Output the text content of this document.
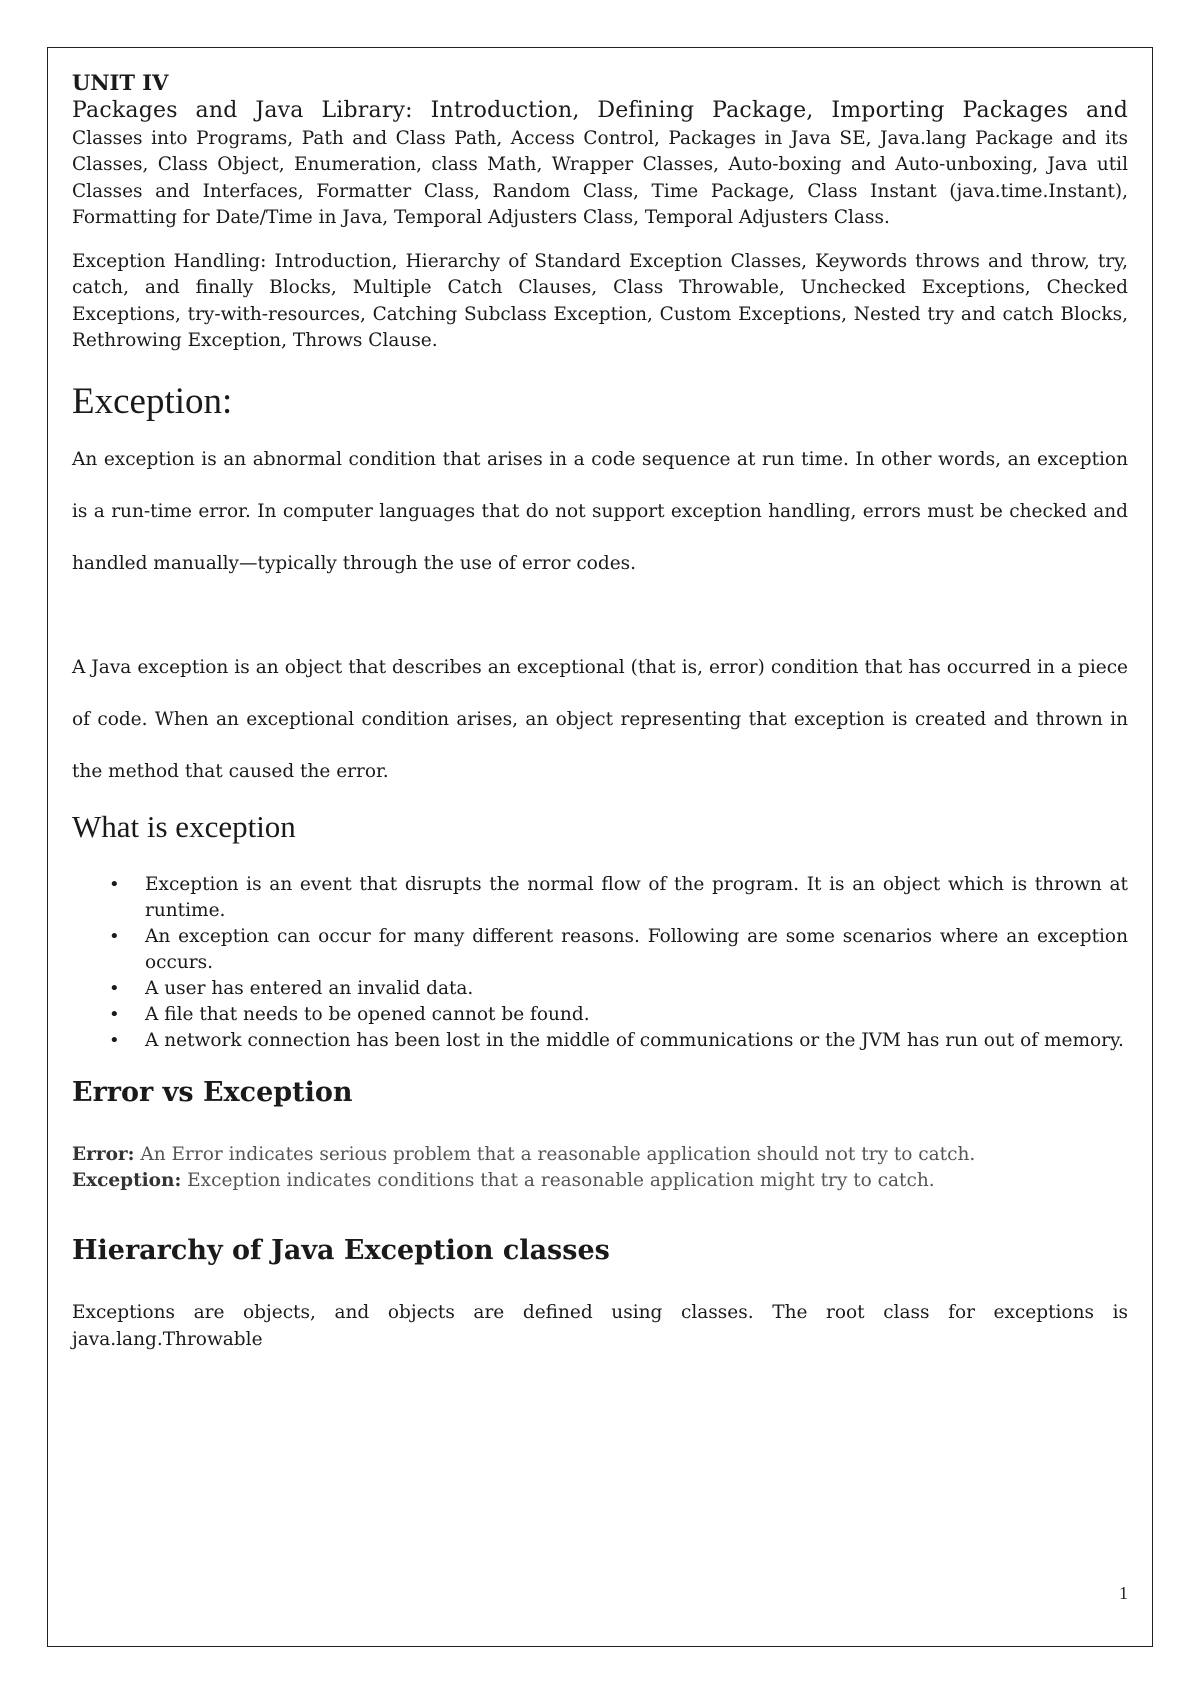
UNIT IV

Packages and Java Library: Introduction, Defining Package, Importing Packages and

Classes into Programs, Path and Class Path, Access Control, Packages in Java SE, Java.lang Package and its Classes, Class Object, Enumeration, class Math, Wrapper Classes, Auto-boxing and Auto-unboxing, Java util Classes and Interfaces, Formatter Class, Random Class, Time Package, Class Instant (java.time.Instant), Formatting for Date/Time in Java, Temporal Adjusters Class, Temporal Adjusters Class.

Exception Handling: Introduction, Hierarchy of Standard Exception Classes, Keywords throws and throw, try, catch, and finally Blocks, Multiple Catch Clauses, Class Throwable, Unchecked Exceptions, Checked Exceptions, try-with-resources, Catching Subclass Exception, Custom Exceptions, Nested try and catch Blocks, Rethrowing Exception, Throws Clause.

Exception:

An exception is an abnormal condition that arises in a code sequence at run time. In other words, an exception is a run-time error. In computer languages that do not support exception handling, errors must be checked and handled manually—typically through the use of error codes.

A Java exception is an object that describes an exceptional (that is, error) condition that has occurred in a piece of code. When an exceptional condition arises, an object representing that exception is created and thrown in the method that caused the error.

What is exception
• Exception is an event that disrupts the normal flow of the program. It is an object which is thrown at runtime.
• An exception can occur for many different reasons. Following are some scenarios where an exception occurs.
• A user has entered an invalid data.
• A file that needs to be opened cannot be found.
• A network connection has been lost in the middle of communications or the JVM has run out of memory.
Error vs Exception
Error: An Error indicates serious problem that a reasonable application should not try to catch.
Exception: Exception indicates conditions that a reasonable application might try to catch.
Hierarchy of Java Exception classes

Exceptions are objects, and objects are defined using classes. The root class for exceptions is java.lang.Throwable

1
